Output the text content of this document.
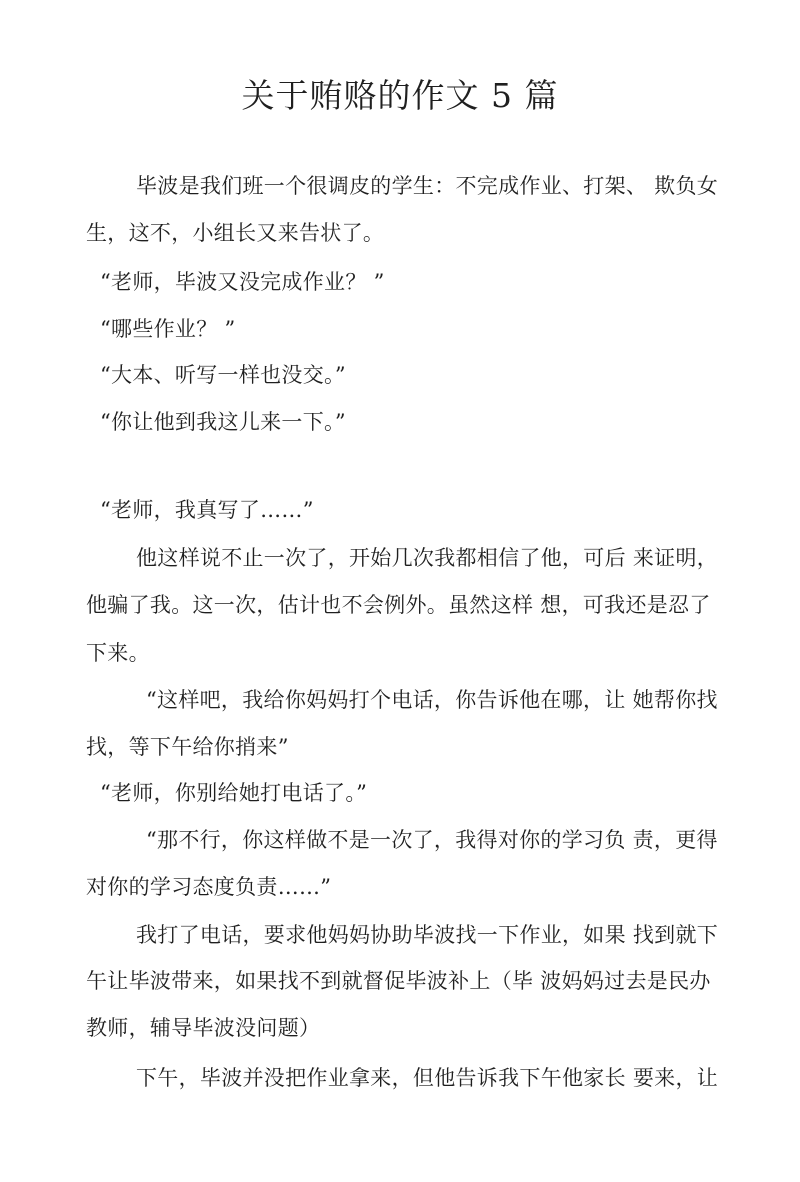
关于贿赂的作文 5 篇
毕波是我们班一个很调皮的学生：不完成作业、打架、 欺负女
生，这不，小组长又来告状了。
“老师，毕波又没完成作业？ ”
“哪些作业？ ”
“大本、听写一样也没交。”
“你让他到我这儿来一下。”
“老师，我真写了……”
他这样说不止一次了，开始几次我都相信了他，可后 来证明，
他骗了我。这一次，估计也不会例外。虽然这样 想，可我还是忍了
下来。
“这样吧，我给你妈妈打个电话，你告诉他在哪，让 她帮你找
找，等下午给你捎来”
“老师，你别给她打电话了。”
“那不行，你这样做不是一次了，我得对你的学习负 责，更得
对你的学习态度负责……”
我打了电话，要求他妈妈协助毕波找一下作业，如果 找到就下
午让毕波带来，如果找不到就督促毕波补上（毕 波妈妈过去是民办
教师，辅导毕波没问题）
下午，毕波并没把作业拿来，但他告诉我下午他家长 要来，让
